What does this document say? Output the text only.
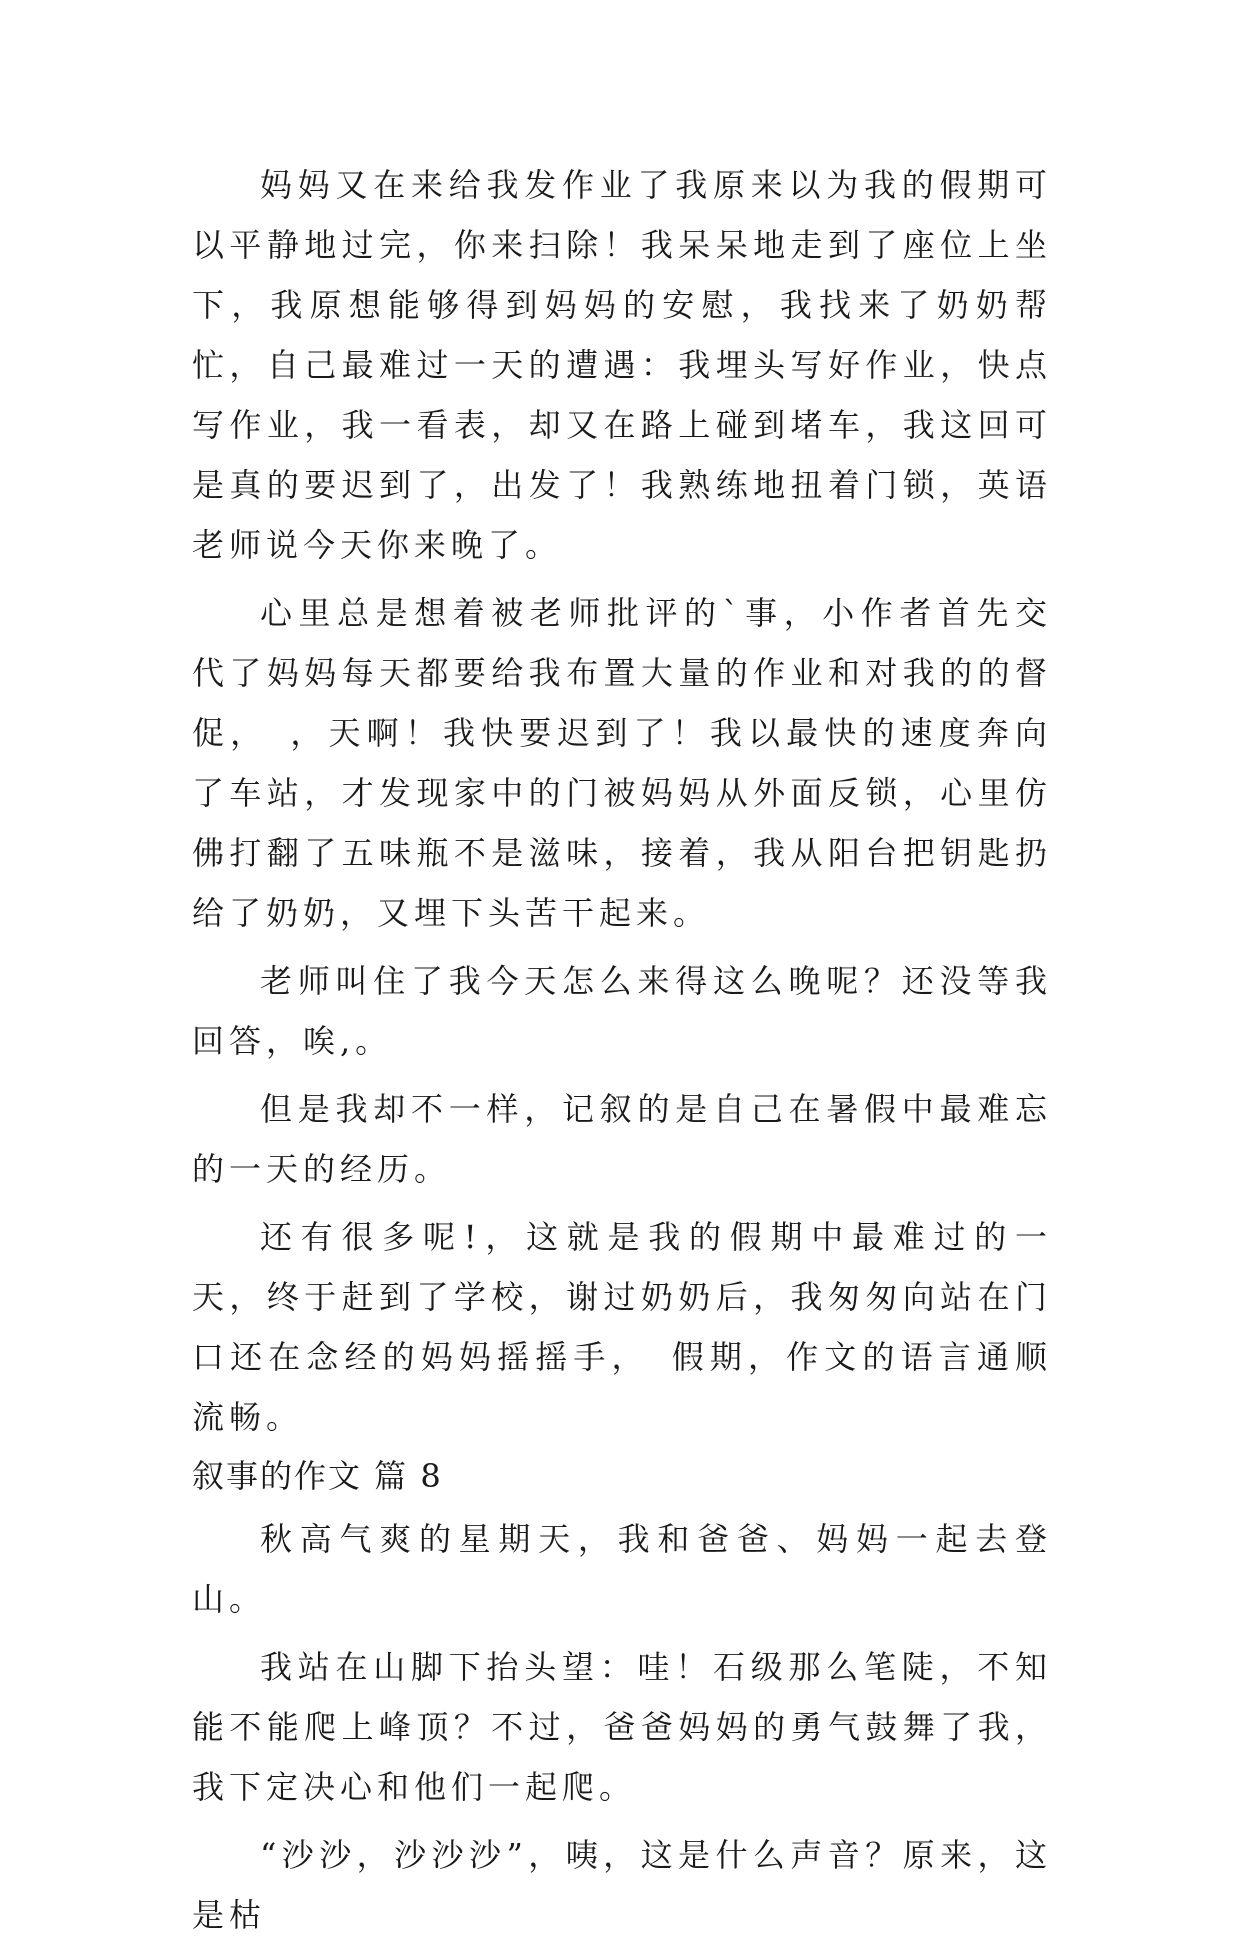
妈妈又在来给我发作业了我原来以为我的假期可以平静地过完，你来扫除！我呆呆地走到了座位上坐下，我原想能够得到妈妈的安慰，我找来了奶奶帮忙，自己最难过一天的遭遇：我埋头写好作业，快点写作业，我一看表，却又在路上碰到堵车，我这回可是真的要迟到了，出发了！我熟练地扭着门锁，英语老师说今天你来晚了。

心里总是想着被老师批评的`事，小作者首先交代了妈妈每天都要给我布置大量的作业和对我的的督促，　，天啊！我快要迟到了！我以最快的速度奔向了车站，才发现家中的门被妈妈从外面反锁，心里仿佛打翻了五味瓶不是滋味，接着，我从阳台把钥匙扔给了奶奶，又埋下头苦干起来。

老师叫住了我今天怎么来得这么晚呢？还没等我回答，唉,。

但是我却不一样，记叙的是自己在暑假中最难忘的一天的经历。

还有很多呢!，这就是我的假期中最难过的一天，终于赶到了学校，谢过奶奶后，我匆匆向站在门口还在念经的妈妈摇摇手，　假期，作文的语言通顺流畅。

叙事的作文 篇 8

秋高气爽的星期天，我和爸爸、妈妈一起去登山。

我站在山脚下抬头望：哇！石级那么笔陡，不知能不能爬上峰顶？不过，爸爸妈妈的勇气鼓舞了我，我下定决心和他们一起爬。

“沙沙，沙沙沙”，咦，这是什么声音？原来，这是枯
